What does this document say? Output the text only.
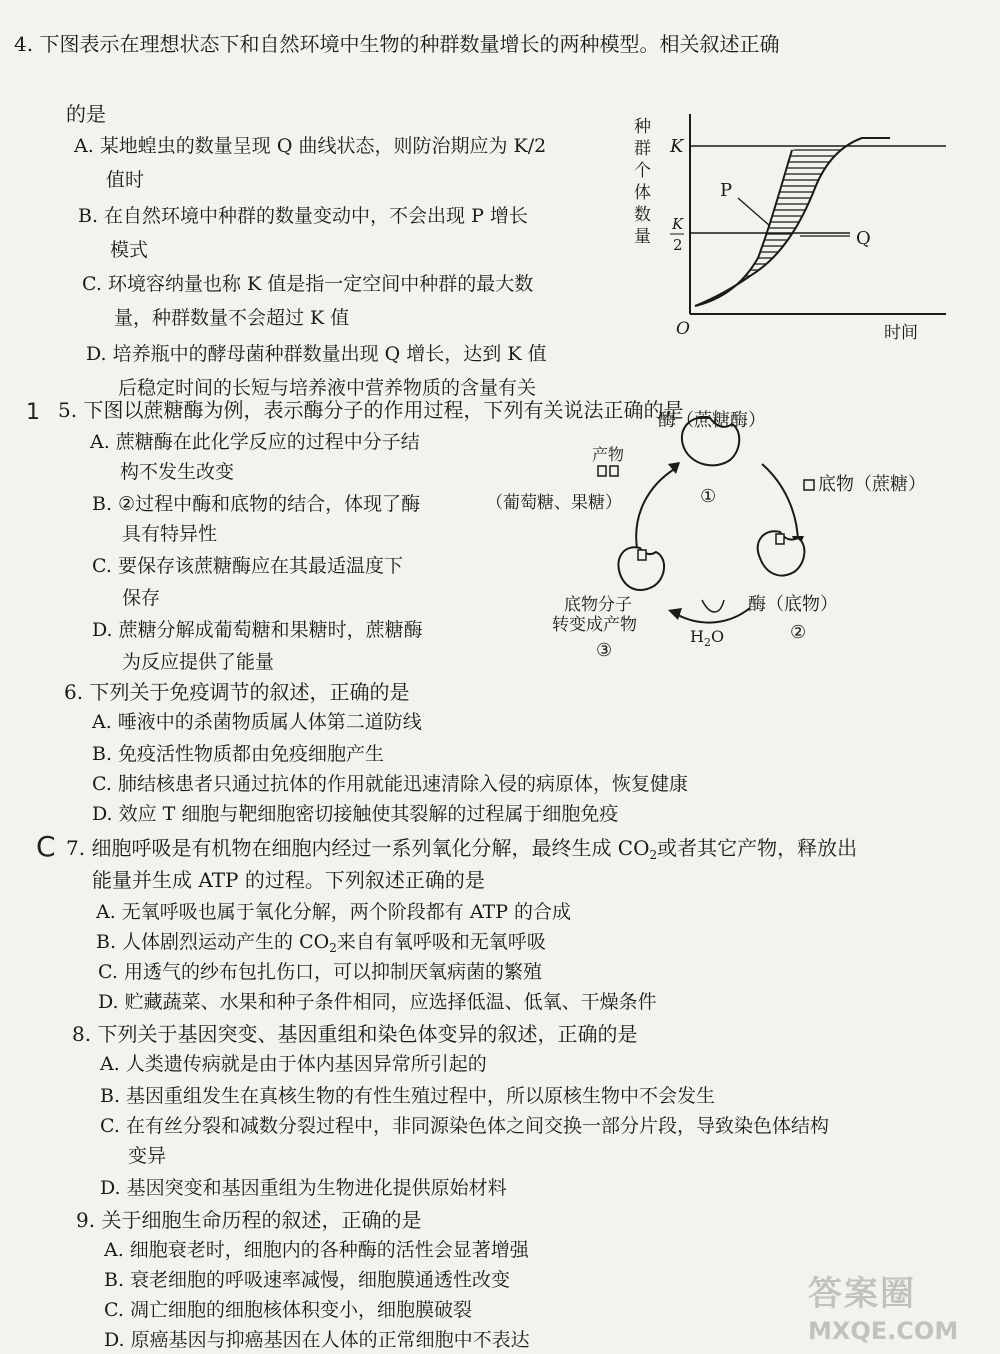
4. 下图表示在理想状态下和自然环境中生物的种群数量增长的两种模型。相关叙述正确
的是
A. 某地蝗虫的数量呈现 Q 曲线状态，则防治期应为 K/2
值时
B. 在自然环境中种群的数量变动中，不会出现 P 增长
模式
C. 环境容纳量也称 K 值是指一定空间中种群的最大数
量，种群数量不会超过 K 值
D. 培养瓶中的酵母菌种群数量出现 Q 增长，达到 K 值
后稳定时间的长短与培养液中营养物质的含量有关
种
群
个
体
数
量
K
K
2
O	时间
P
Q
1 5. 下图以蔗糖酶为例，表示酶分子的作用过程，下列有关说法正确的是
A. 蔗糖酶在此化学反应的过程中分子结
构不发生改变
B. ②过程中酶和底物的结合，体现了酶
具有特异性
C. 要保存该蔗糖酶应在其最适温度下
保存
D. 蔗糖分解成葡萄糖和果糖时，蔗糖酶
为反应提供了能量
酶（蔗糖酶）
①
产物
（葡萄糖、果糖）
底物（蔗糖）
酶（底物）
②
$H_2O$
底物分子
转变成产物
③
6. 下列关于免疫调节的叙述，正确的是
A. 唾液中的杀菌物质属人体第二道防线
B. 免疫活性物质都由免疫细胞产生
C. 肺结核患者只通过抗体的作用就能迅速清除入侵的病原体，恢复健康
D. 效应 T 细胞与靶细胞密切接触使其裂解的过程属于细胞免疫
C 7. 细胞呼吸是有机物在细胞内经过一系列氧化分解，最终生成 $CO_2$或者其它产物，释放出
能量并生成 ATP 的过程。下列叙述正确的是
A. 无氧呼吸也属于氧化分解，两个阶段都有 ATP 的合成
B. 人体剧烈运动产生的 $CO_2$来自有氧呼吸和无氧呼吸
C. 用透气的纱布包扎伤口，可以抑制厌氧病菌的繁殖
D. 贮藏蔬菜、水果和种子条件相同，应选择低温、低氧、干燥条件
8. 下列关于基因突变、基因重组和染色体变异的叙述，正确的是
A. 人类遗传病就是由于体内基因异常所引起的
B. 基因重组发生在真核生物的有性生殖过程中，所以原核生物中不会发生
C. 在有丝分裂和减数分裂过程中，非同源染色体之间交换一部分片段，导致染色体结构
变异
D. 基因突变和基因重组为生物进化提供原始材料
9. 关于细胞生命历程的叙述，正确的是
A. 细胞衰老时，细胞内的各种酶的活性会显著增强
B. 衰老细胞的呼吸速率减慢，细胞膜通透性改变
C. 凋亡细胞的细胞核体积变小，细胞膜破裂
D. 原癌基因与抑癌基因在人体的正常细胞中不表达
答案圈
MXQE.COM
